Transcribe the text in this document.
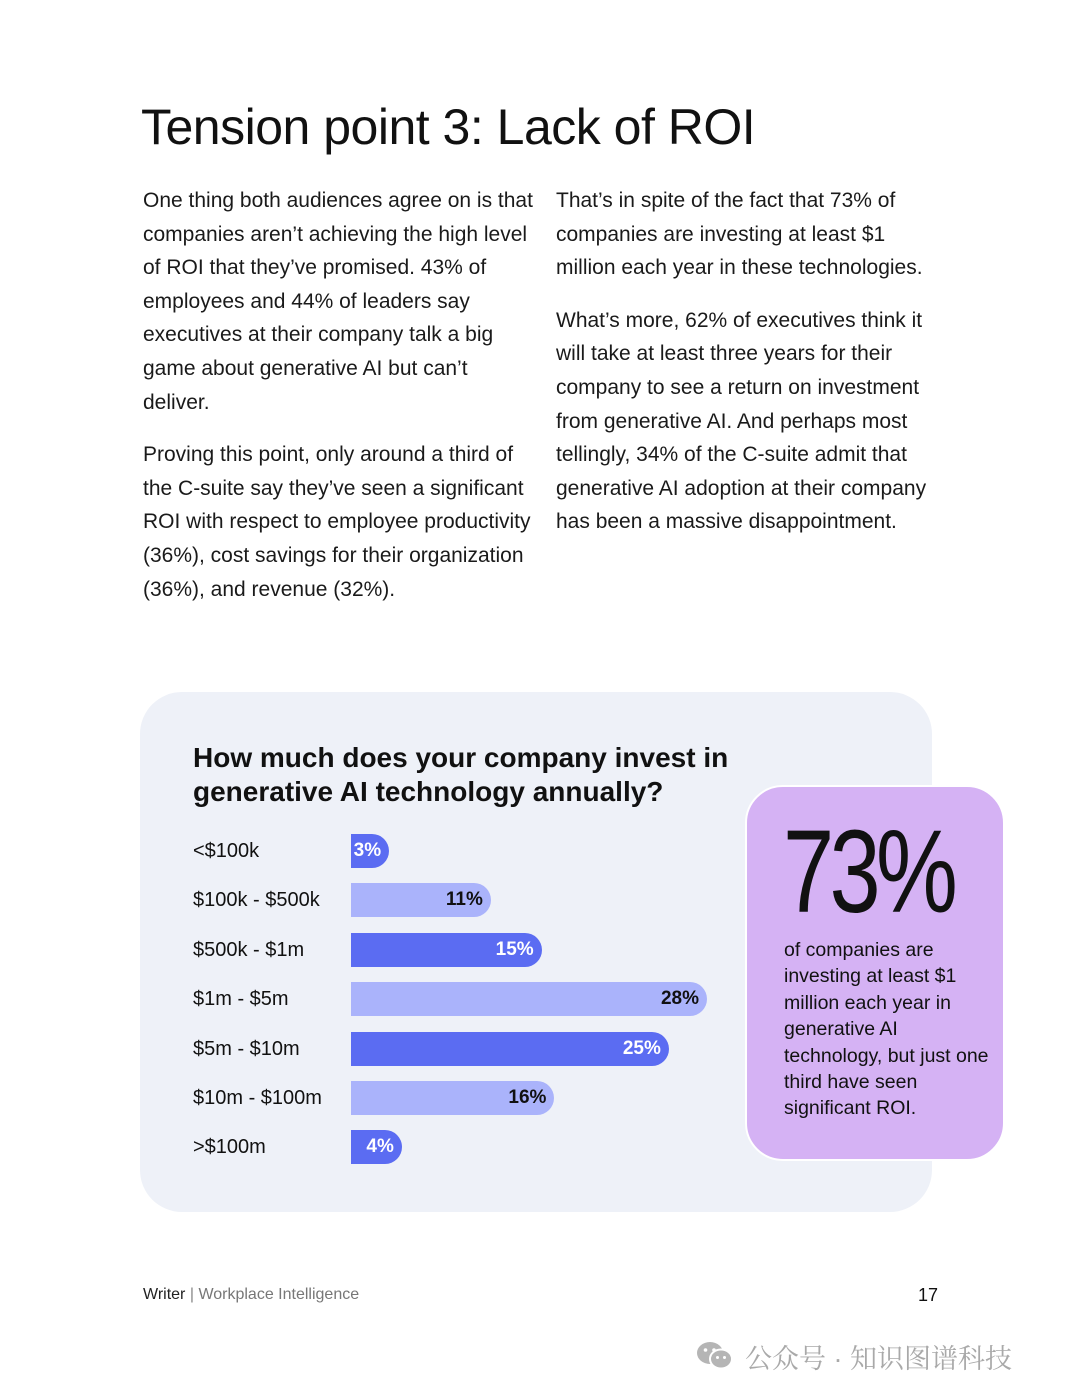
Tension point 3: Lack of ROI

One thing both audiences agree on is that companies aren’t achieving the high level of ROI that they’ve promised. 43% of employees and 44% of leaders say executives at their company talk a big game about generative AI but can’t deliver.

Proving this point, only around a third of the C-suite say they’ve seen a significant ROI with respect to employee productivity (36%), cost savings for their organization (36%), and revenue (32%).

That’s in spite of the fact that 73% of companies are investing at least $1 million each year in these technologies.

What’s more, 62% of executives think it will take at least three years for their company to see a return on investment from generative AI. And perhaps most tellingly, 34% of the C-suite admit that generative AI adoption at their company has been a massive disappointment.

How much does your company invest in generative AI technology annually?
<$100k	3%
$100k - $500k	11%
$500k - $1m	15%
$1m - $5m	28%
$5m - $10m	25%
$10m - $100m	16%
>$100m	4%

73%

of companies are investing at least $1 million each year in generative AI technology, but just one third have seen significant ROI.

Writer | Workplace Intelligence	17
公众号 · 知识图谱科技
